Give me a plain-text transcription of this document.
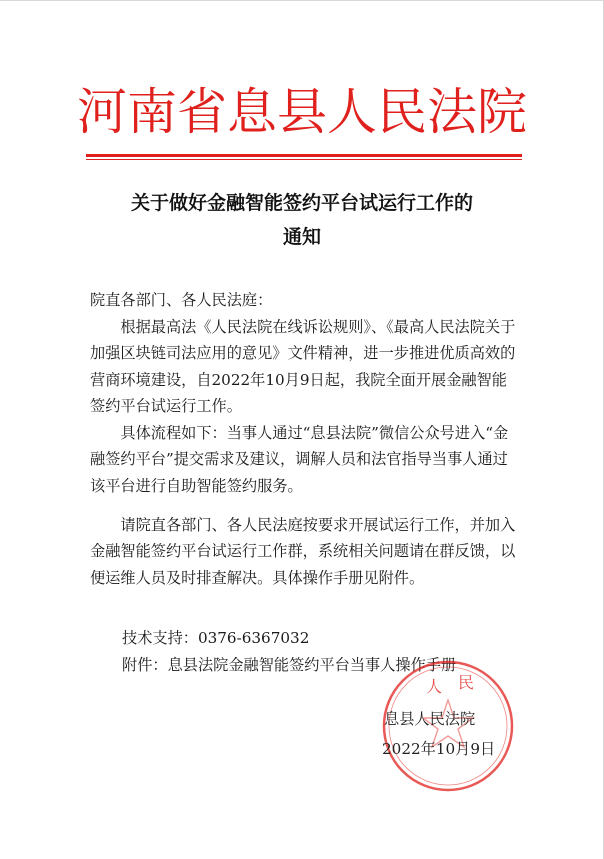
河南省息县人民法院
关于做好金融智能签约平台试运行工作的
通知
院直各部门、各人民法庭：

根据最高法《人民法院在线诉讼规则》、《最高人民法院关于加强区块链司法应用的意见》文件精神，进一步推进优质高效的营商环境建设，自2022年10月9日起，我院全面开展金融智能签约平台试运行工作。

具体流程如下：当事人通过“息县法院”微信公众号进入“金融签约平台”提交需求及建议，调解人员和法官指导当事人通过该平台进行自助智能签约服务。

请院直各部门、各人民法庭按要求开展试运行工作，并加入金融智能签约平台试运行工作群，系统相关问题请在群反馈，以便运维人员及时排查解决。具体操作手册见附件。

技术支持：0376-6367032
附件：息县法院金融智能签约平台当事人操作手册
人 民
息县人民法院
2022年10月9日
